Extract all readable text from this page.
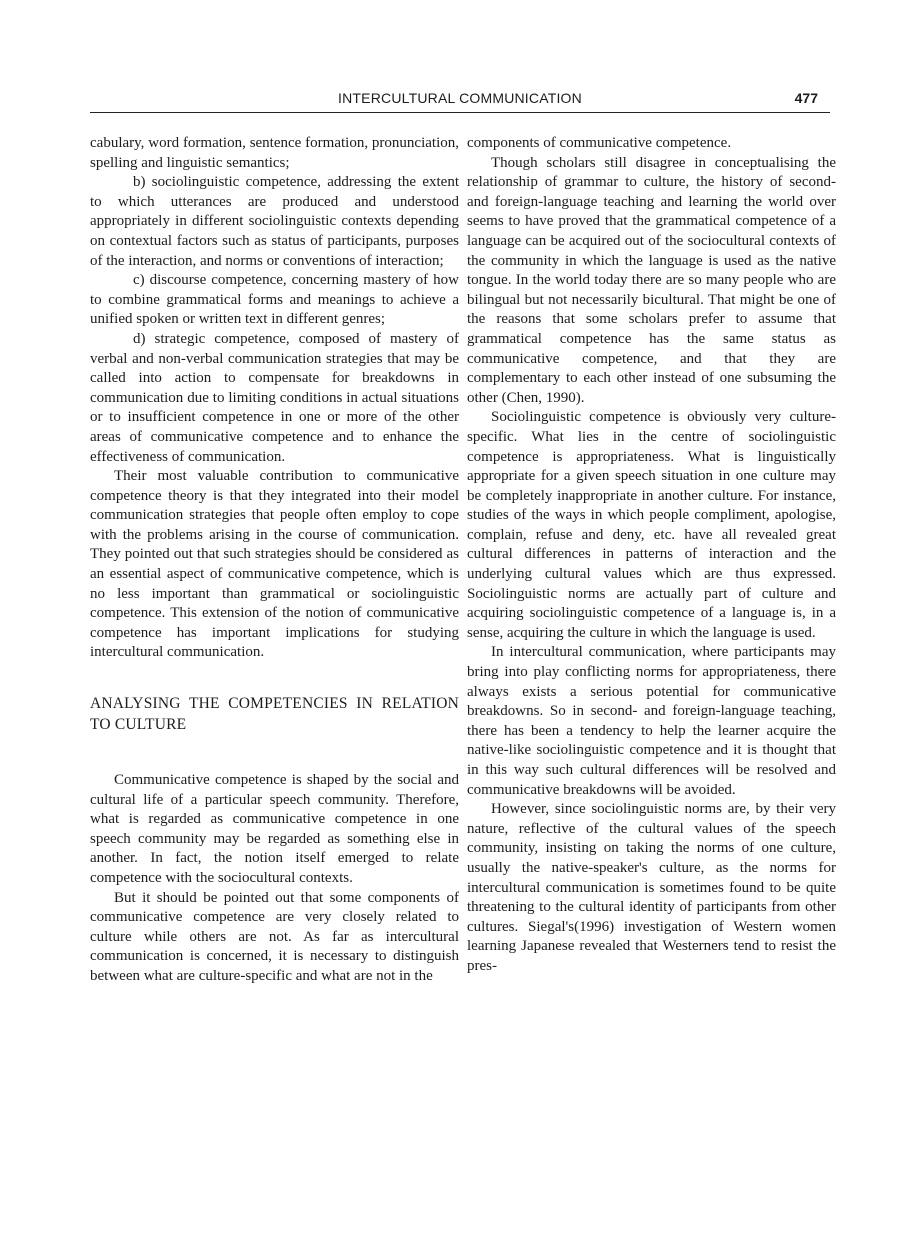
INTERCULTURAL COMMUNICATION	477

cabulary, word formation, sentence formation, pronunciation, spelling and linguistic semantics;

b) sociolinguistic competence, addressing the extent to which utterances are produced and understood appropriately in different sociolinguistic contexts depending on contextual factors such as status of participants, purposes of the interaction, and norms or conventions of interaction;

c) discourse competence, concerning mastery of how to combine grammatical forms and meanings to achieve a unified spoken or written text in different genres;

d) strategic competence, composed of mastery of verbal and non-verbal communication strategies that may be called into action to compensate for breakdowns in communication due to limiting conditions in actual situations or to insufficient competence in one or more of the other areas of communicative competence and to enhance the effectiveness of communication.

Their most valuable contribution to communicative competence theory is that they integrated into their model communication strategies that people often employ to cope with the problems arising in the course of communication. They pointed out that such strategies should be considered as an essential aspect of communicative competence, which is no less important than grammatical or sociolinguistic competence. This extension of the notion of communicative competence has important implications for studying intercultural communication.

ANALYSING THE COMPETENCIES IN RELATION TO CULTURE

Communicative competence is shaped by the social and cultural life of a particular speech community. Therefore, what is regarded as communicative competence in one speech community may be regarded as something else in another. In fact, the notion itself emerged to relate competence with the sociocultural contexts.

But it should be pointed out that some components of communicative competence are very closely related to culture while others are not. As far as intercultural communication is concerned, it is necessary to distinguish between what are culture-specific and what are not in the

components of communicative competence.

Though scholars still disagree in conceptualising the relationship of grammar to culture, the history of second- and foreign-language teaching and learning the world over seems to have proved that the grammatical competence of a language can be acquired out of the sociocultural contexts of the community in which the language is used as the native tongue. In the world today there are so many people who are bilingual but not necessarily bicultural. That might be one of the reasons that some scholars prefer to assume that grammatical competence has the same status as communicative competence, and that they are complementary to each other instead of one subsuming the other (Chen, 1990).

Sociolinguistic competence is obviously very culture-specific. What lies in the centre of sociolinguistic competence is appropriateness. What is linguistically appropriate for a given speech situation in one culture may be completely inappropriate in another culture. For instance, studies of the ways in which people compliment, apologise, complain, refuse and deny, etc. have all revealed great cultural differences in patterns of interaction and the underlying cultural values which are thus expressed. Sociolinguistic norms are actually part of culture and acquiring sociolinguistic competence of a language is, in a sense, acquiring the culture in which the language is used.

In intercultural communication, where participants may bring into play conflicting norms for appropriateness, there always exists a serious potential for communicative breakdowns. So in second- and foreign-language teaching, there has been a tendency to help the learner acquire the native-like sociolinguistic competence and it is thought that in this way such cultural differences will be resolved and communicative breakdowns will be avoided.

However, since sociolinguistic norms are, by their very nature, reflective of the cultural values of the speech community, insisting on taking the norms of one culture, usually the native-speaker's culture, as the norms for intercultural communication is sometimes found to be quite threatening to the cultural identity of participants from other cultures. Siegal's(1996) investigation of Western women learning Japanese revealed that Westerners tend to resist the pres-
